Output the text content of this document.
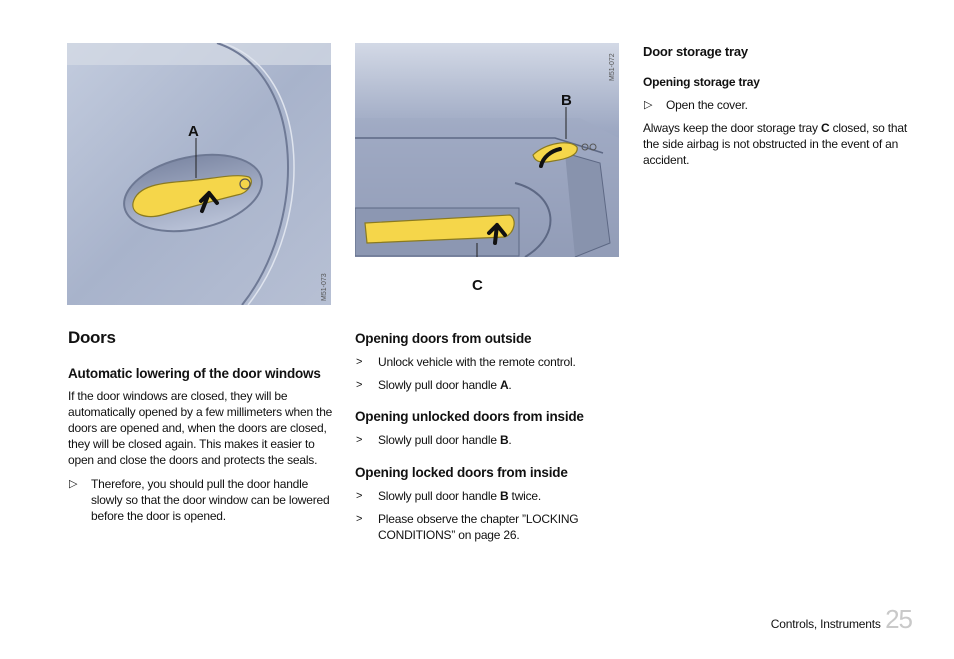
A
M51-073
B
C
M51-072
Doors
Automatic lowering of the door windows

If the door windows are closed, they will be automatically opened by a few millimeters when the doors are opened and, when the doors are closed, they will be closed again. This makes it easier to open and close the doors and protects the seals.

▷ Therefore, you should pull the door handle slowly so that the door window can be lowered before the door is opened.
Opening doors from outside
> Unlock vehicle with the remote control.
> Slowly pull door handle A.
Opening unlocked doors from inside
> Slowly pull door handle B.
Opening locked doors from inside
> Slowly pull door handle B twice.
> Please observe the chapter ”LOCKING CONDITIONS” on page 26.
Door storage tray
Opening storage tray
▷ Open the cover.

Always keep the door storage tray C closed, so that the side airbag is not obstructed in the event of an accident.

Controls, Instruments 25
